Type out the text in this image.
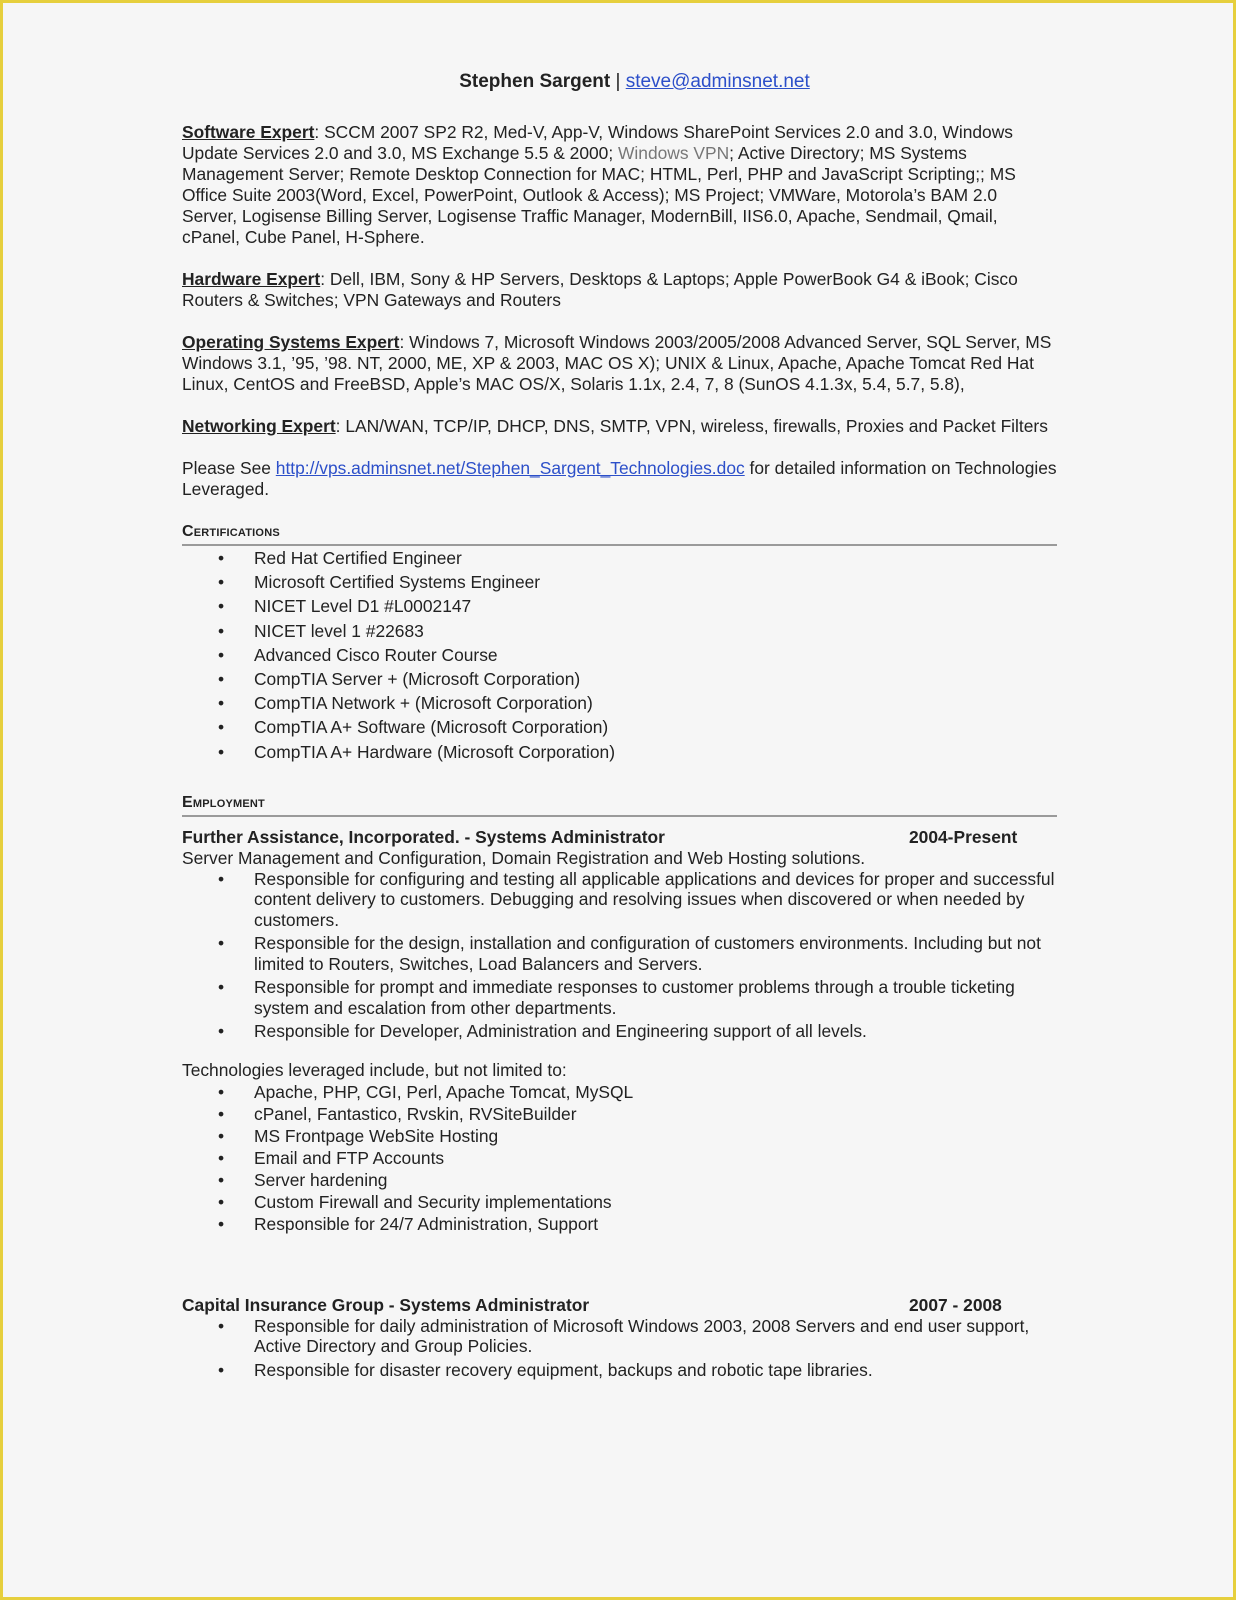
Stephen Sargent | steve@adminsnet.net

Software Expert: SCCM 2007 SP2 R2, Med-V, App-V, Windows SharePoint Services 2.0 and 3.0, Windows Update Services 2.0 and 3.0, MS Exchange 5.5 & 2000; Windows VPN; Active Directory; MS Systems Management Server; Remote Desktop Connection for MAC; HTML, Perl, PHP and JavaScript Scripting;; MS Office Suite 2003(Word, Excel, PowerPoint, Outlook & Access); MS Project; VMWare, Motorola’s BAM 2.0 Server, Logisense Billing Server, Logisense Traffic Manager, ModernBill, IIS6.0, Apache, Sendmail, Qmail, cPanel, Cube Panel, H-Sphere.

Hardware Expert: Dell, IBM, Sony & HP Servers, Desktops & Laptops; Apple PowerBook G4 & iBook; Cisco Routers & Switches; VPN Gateways and Routers

Operating Systems Expert: Windows 7, Microsoft Windows 2003/2005/2008 Advanced Server, SQL Server, MS Windows 3.1, ’95, ’98. NT, 2000, ME, XP & 2003, MAC OS X); UNIX & Linux, Apache, Apache Tomcat Red Hat Linux, CentOS and FreeBSD, Apple’s MAC OS/X, Solaris 1.1x, 2.4, 7, 8 (SunOS 4.1.3x, 5.4, 5.7, 5.8),

Networking Expert: LAN/WAN, TCP/IP, DHCP, DNS, SMTP, VPN, wireless, firewalls, Proxies and Packet Filters

Please See http://vps.adminsnet.net/Stephen_Sargent_Technologies.doc for detailed information on Technologies Leveraged.

Certifications
• Red Hat Certified Engineer
• Microsoft Certified Systems Engineer
• NICET Level D1 #L0002147
• NICET level 1 #22683
• Advanced Cisco Router Course
• CompTIA Server + (Microsoft Corporation)
• CompTIA Network + (Microsoft Corporation)
• CompTIA A+ Software (Microsoft Corporation)
• CompTIA A+ Hardware (Microsoft Corporation)
Employment
Further Assistance, Incorporated. - Systems Administrator	2004-Present
Server Management and Configuration, Domain Registration and Web Hosting solutions.
• Responsible for configuring and testing all applicable applications and devices for proper and successful content delivery to customers. Debugging and resolving issues when discovered or when needed by customers.
• Responsible for the design, installation and configuration of customers environments. Including but not limited to Routers, Switches, Load Balancers and Servers.
• Responsible for prompt and immediate responses to customer problems through a trouble ticketing system and escalation from other departments.
• Responsible for Developer, Administration and Engineering support of all levels.
Technologies leveraged include, but not limited to:
• Apache, PHP, CGI, Perl, Apache Tomcat, MySQL
• cPanel, Fantastico, Rvskin, RVSiteBuilder
• MS Frontpage WebSite Hosting
• Email and FTP Accounts
• Server hardening
• Custom Firewall and Security implementations
• Responsible for 24/7 Administration, Support
Capital Insurance Group - Systems Administrator	2007 - 2008
• Responsible for daily administration of Microsoft Windows 2003, 2008 Servers and end user support, Active Directory and Group Policies.
• Responsible for disaster recovery equipment, backups and robotic tape libraries.
